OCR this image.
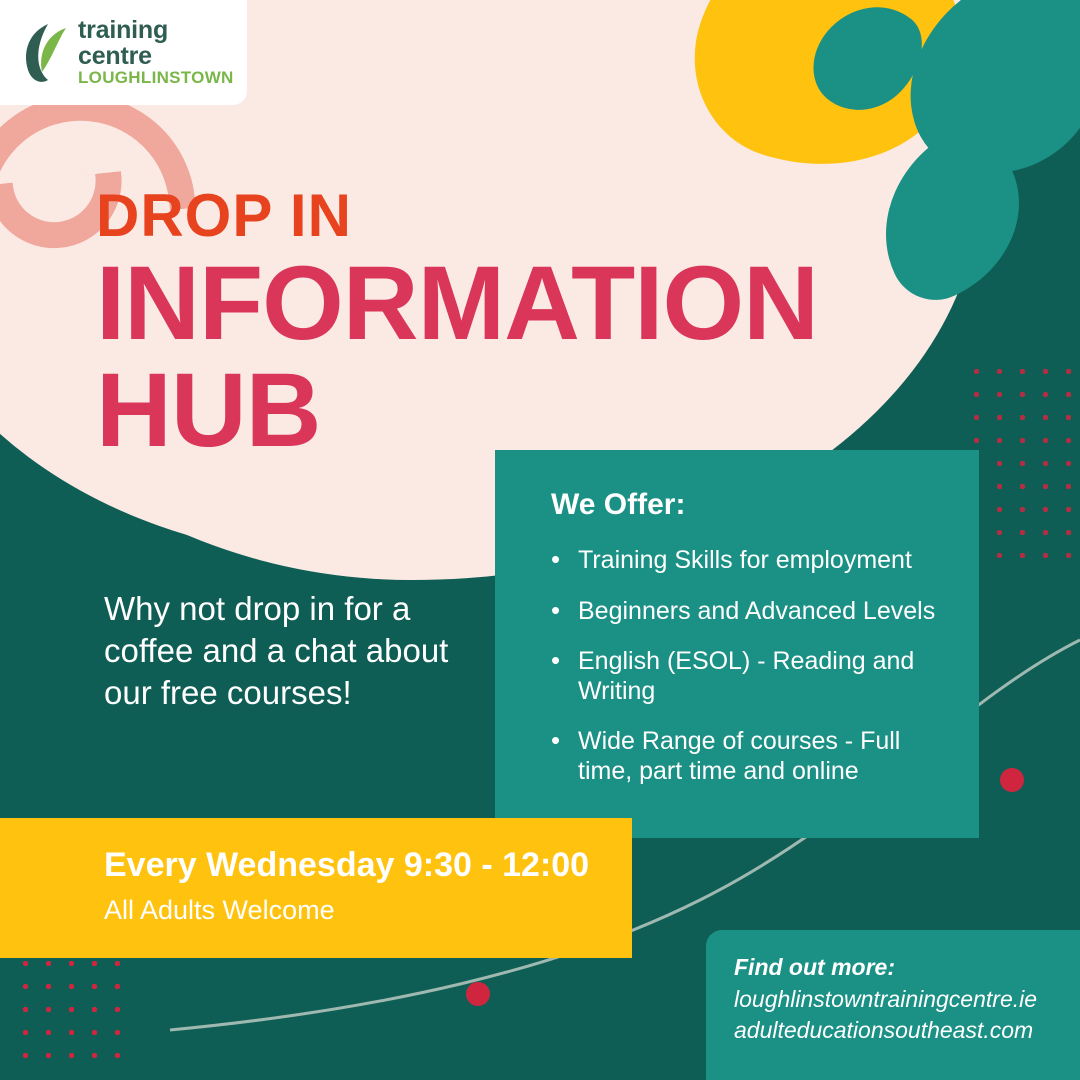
training
centre
LOUGHLINSTOWN
DROP IN
INFORMATION
HUB
Why not drop in for a coffee and a chat about our free courses!
We Offer:
• Training Skills for employment
• Beginners and Advanced Levels
• English (ESOL) - Reading and Writing
• Wide Range of courses - Full time, part time and online
Every Wednesday 9:30 - 12:00
All Adults Welcome
Find out more:
loughlinstowntrainingcentre.ie
adulteducationsoutheast.com
